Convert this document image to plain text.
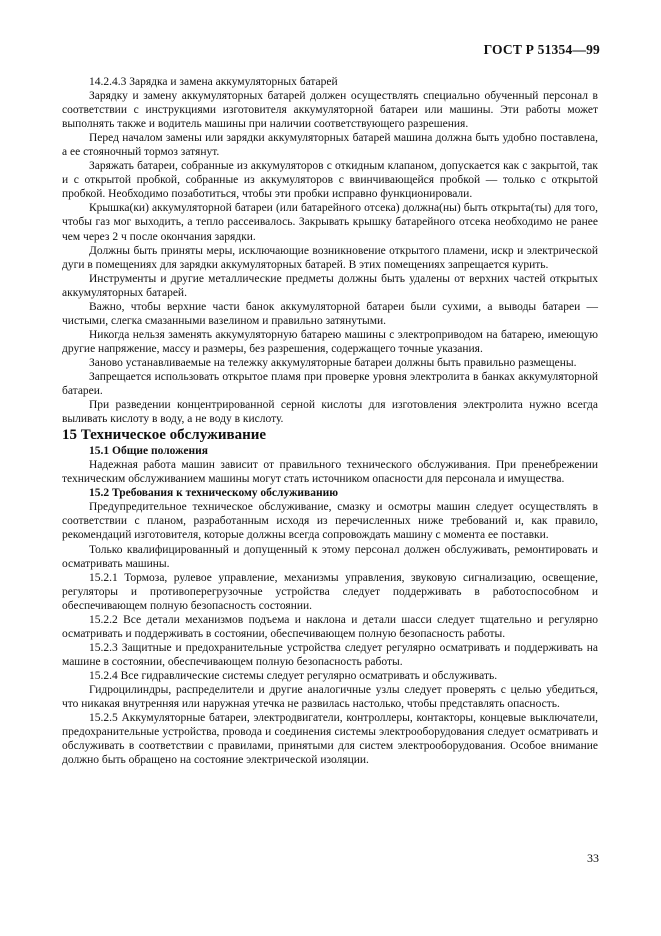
ГОСТ Р 51354—99

14.2.4.3 Зарядка и замена аккумуляторных батарей

Зарядку и замену аккумуляторных батарей должен осуществлять специально обученный персонал в соответствии с инструкциями изготовителя аккумуляторной батареи или машины. Эти работы может выполнять также и водитель машины при наличии соответствующего разрешения.

Перед началом замены или зарядки аккумуляторных батарей машина должна быть удобно поставлена, а ее стояночный тормоз затянут.

Заряжать батареи, собранные из аккумуляторов с откидным клапаном, допускается как с закрытой, так и с открытой пробкой, собранные из аккумуляторов с ввинчивающейся пробкой — только с открытой пробкой. Необходимо позаботиться, чтобы эти пробки исправно функционировали.

Крышка(ки) аккумуляторной батареи (или батарейного отсека) должна(ны) быть открыта(ты) для того, чтобы газ мог выходить, а тепло рассеивалось. Закрывать крышку батарейного отсека необходимо не ранее чем через 2 ч после окончания зарядки.

Должны быть приняты меры, исключающие возникновение открытого пламени, искр и электрической дуги в помещениях для зарядки аккумуляторных батарей. В этих помещениях запрещается курить.

Инструменты и другие металлические предметы должны быть удалены от верхних частей открытых аккумуляторных батарей.

Важно, чтобы верхние части банок аккумуляторной батареи были сухими, а выводы батареи — чистыми, слегка смазанными вазелином и правильно затянутыми.

Никогда нельзя заменять аккумуляторную батарею машины с электроприводом на батарею, имеющую другие напряжение, массу и размеры, без разрешения, содержащего точные указания.

Заново устанавливаемые на тележку аккумуляторные батареи должны быть правильно размещены.

Запрещается использовать открытое пламя при проверке уровня электролита в банках аккумуляторной батареи.

При разведении концентрированной серной кислоты для изготовления электролита нужно всегда выливать кислоту в воду, а не воду в кислоту.

15 Техническое обслуживание

15.1 Общие положения

Надежная работа машин зависит от правильного технического обслуживания. При пренебрежении техническим обслуживанием машины могут стать источником опасности для персонала и имущества.

15.2 Требования к техническому обслуживанию

Предупредительное техническое обслуживание, смазку и осмотры машин следует осуществлять в соответствии с планом, разработанным исходя из перечисленных ниже требований и, как правило, рекомендаций изготовителя, которые должны всегда сопровождать машину с момента ее поставки.

Только квалифицированный и допущенный к этому персонал должен обслуживать, ремонтировать и осматривать машины.

15.2.1 Тормоза, рулевое управление, механизмы управления, звуковую сигнализацию, освещение, регуляторы и противоперегрузочные устройства следует поддерживать в работоспособном и обеспечивающем полную безопасность состоянии.

15.2.2 Все детали механизмов подъема и наклона и детали шасси следует тщательно и регулярно осматривать и поддерживать в состоянии, обеспечивающем полную безопасность работы.

15.2.3 Защитные и предохранительные устройства следует регулярно осматривать и поддерживать на машине в состоянии, обеспечивающем полную безопасность работы.

15.2.4 Все гидравлические системы следует регулярно осматривать и обслуживать.

Гидроцилиндры, распределители и другие аналогичные узлы следует проверять с целью убедиться, что никакая внутренняя или наружная утечка не развилась настолько, чтобы представлять опасность.

15.2.5 Аккумуляторные батареи, электродвигатели, контроллеры, контакторы, концевые выключатели, предохранительные устройства, провода и соединения системы электрооборудования следует осматривать и обслуживать в соответствии с правилами, принятыми для систем электрооборудования. Особое внимание должно быть обращено на состояние электрической изоляции.

33
